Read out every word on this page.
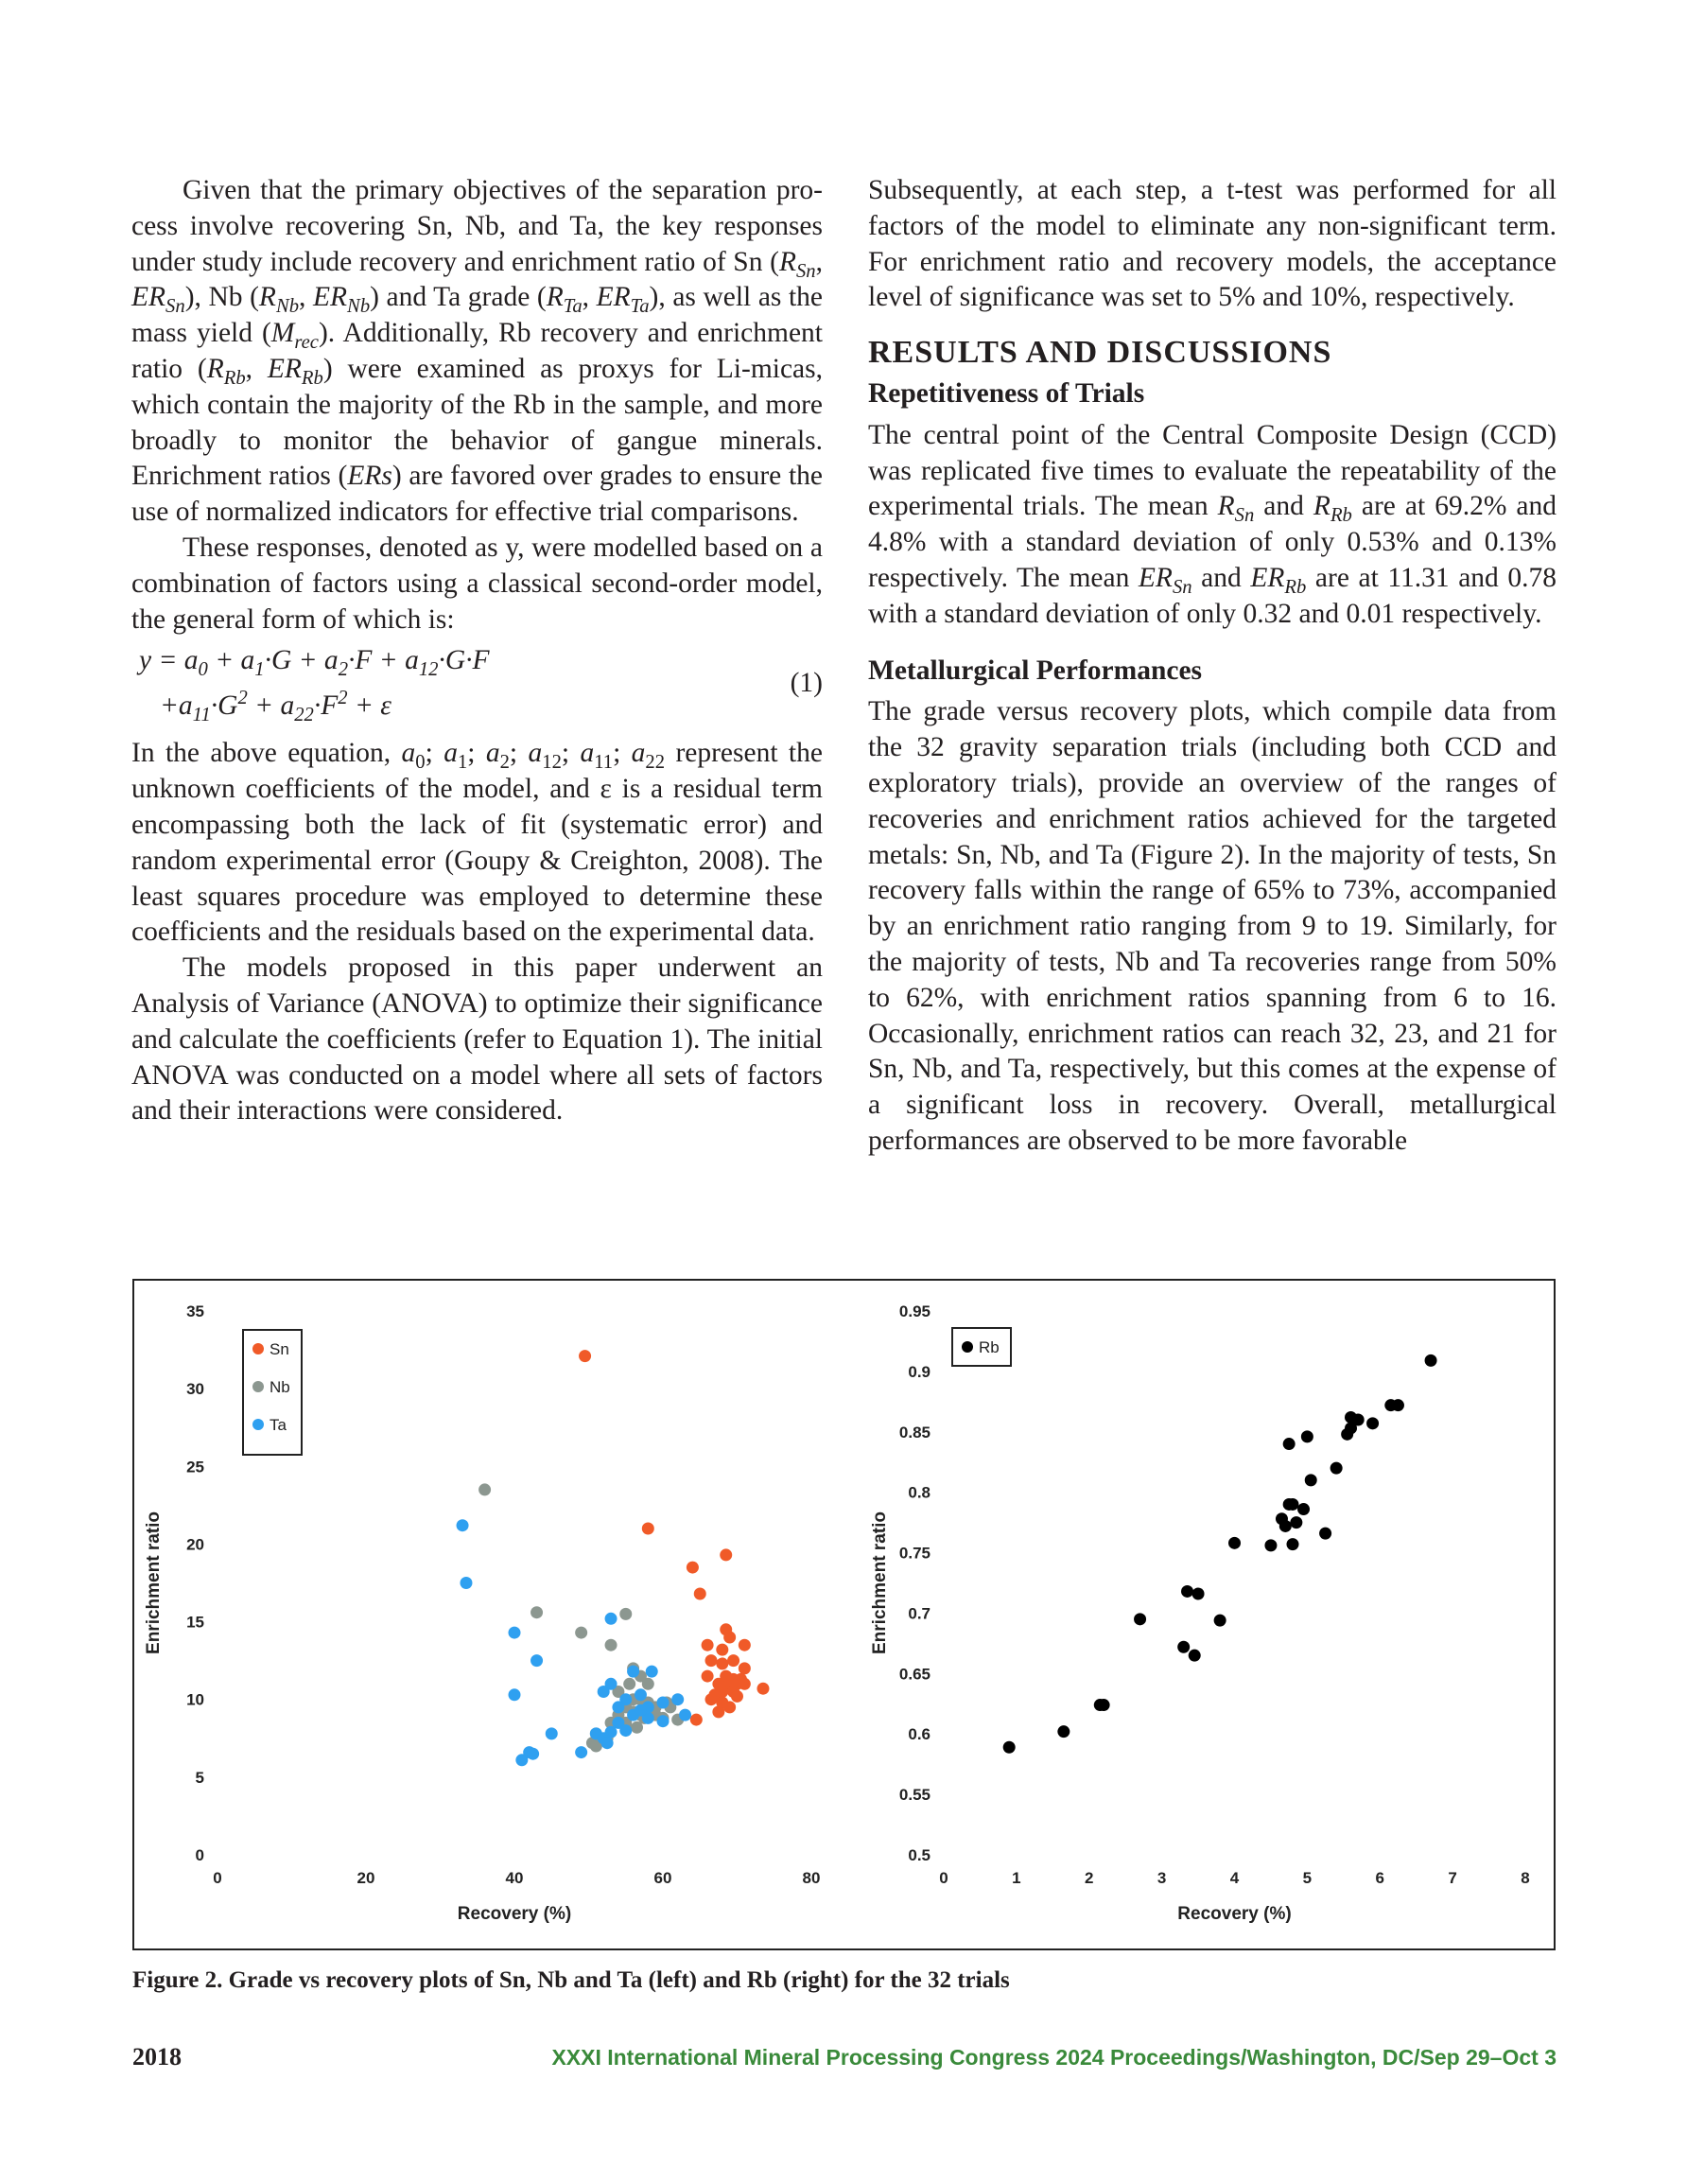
Given that the primary objectives of the separation process involve recovering Sn, Nb, and Ta, the key responses under study include recovery and enrichment ratio of Sn ($R_{Sn}$, $ER_{Sn}$), Nb ($R_{Nb}$, $ER_{Nb}$) and Ta grade ($R_{Ta}$, $ER_{Ta}$), as well as the mass yield $(M_{rec})$. Additionally, Rb recovery and enrichment ratio ($R_{Rb}$, $ER_{Rb}$) were examined as proxys for Li-micas, which contain the majority of the Rb in the sample, and more broadly to monitor the behavior of gangue minerals. Enrichment ratios (ERs) are favored over grades to ensure the use of normalized indicators for effective trial comparisons.

These responses, denoted as y, were modelled based on a combination of factors using a classical second-order model, the general form of which is:

$y = a_0 + a_1\cdot G + a_2\cdot F + a_{12}\cdot G\cdot F$
$+a_{11}\cdot G^2 + a_{22}\cdot F^2 + \varepsilon$
(1)

In the above equation, $a_0$; $a_1$; $a_2$; $a_{12}$; $a_{11}$; $a_{22}$ represent the unknown coefficients of the model, and ε is a residual term encompassing both the lack of fit (systematic error) and random experimental error (Goupy & Creighton, 2008). The least squares procedure was employed to determine these coefficients and the residuals based on the experimental data.

The models proposed in this paper underwent an Analysis of Variance (ANOVA) to optimize their significance and calculate the coefficients (refer to Equation 1). The initial ANOVA was conducted on a model where all sets of factors and their interactions were considered.

Subsequently, at each step, a t-test was performed for all factors of the model to eliminate any non-significant term. For enrichment ratio and recovery models, the acceptance level of significance was set to 5% and 10%, respectively.

RESULTS AND DISCUSSIONS

Repetitiveness of Trials

The central point of the Central Composite Design (CCD) was replicated five times to evaluate the repeatability of the experimental trials. The mean $R_{Sn}$ and $R_{Rb}$ are at 69.2% and 4.8% with a standard deviation of only 0.53% and 0.13% respectively. The mean $ER_{Sn}$ and $ER_{Rb}$ are at 11.31 and 0.78 with a standard deviation of only 0.32 and 0.01 respectively.

Metallurgical Performances

The grade versus recovery plots, which compile data from the 32 gravity separation trials (including both CCD and exploratory trials), provide an overview of the ranges of recoveries and enrichment ratios achieved for the targeted metals: Sn, Nb, and Ta (Figure 2). In the majority of tests, Sn recovery falls within the range of 65% to 73%, accompanied by an enrichment ratio ranging from 9 to 19. Similarly, for the majority of tests, Nb and Ta recoveries range from 50% to 62%, with enrichment ratios spanning from 6 to 16. Occasionally, enrichment ratios can reach 32, 23, and 21 for Sn, Nb, and Ta, respectively, but this comes at the expense of a significant loss in recovery. Overall, metallurgical performances are observed to be more favorable

0
5
10
15
20
25
30
35
0	20	40	60	80
Recovery (%)
Enrichment ratio
Sn
Nb
Ta
0.5
0.55
0.6
0.65
0.7
0.75
0.8
0.85
0.9
0.95
0	1	2	3	4	5	6	7	8
Recovery (%)
Enrichment ratio
Rb
Figure 2. Grade vs recovery plots of Sn, Nb and Ta (left) and Rb (right) for the 32 trials
2018	XXXI International Mineral Processing Congress 2024 Proceedings/Washington, DC/Sep 29–Oct 3
